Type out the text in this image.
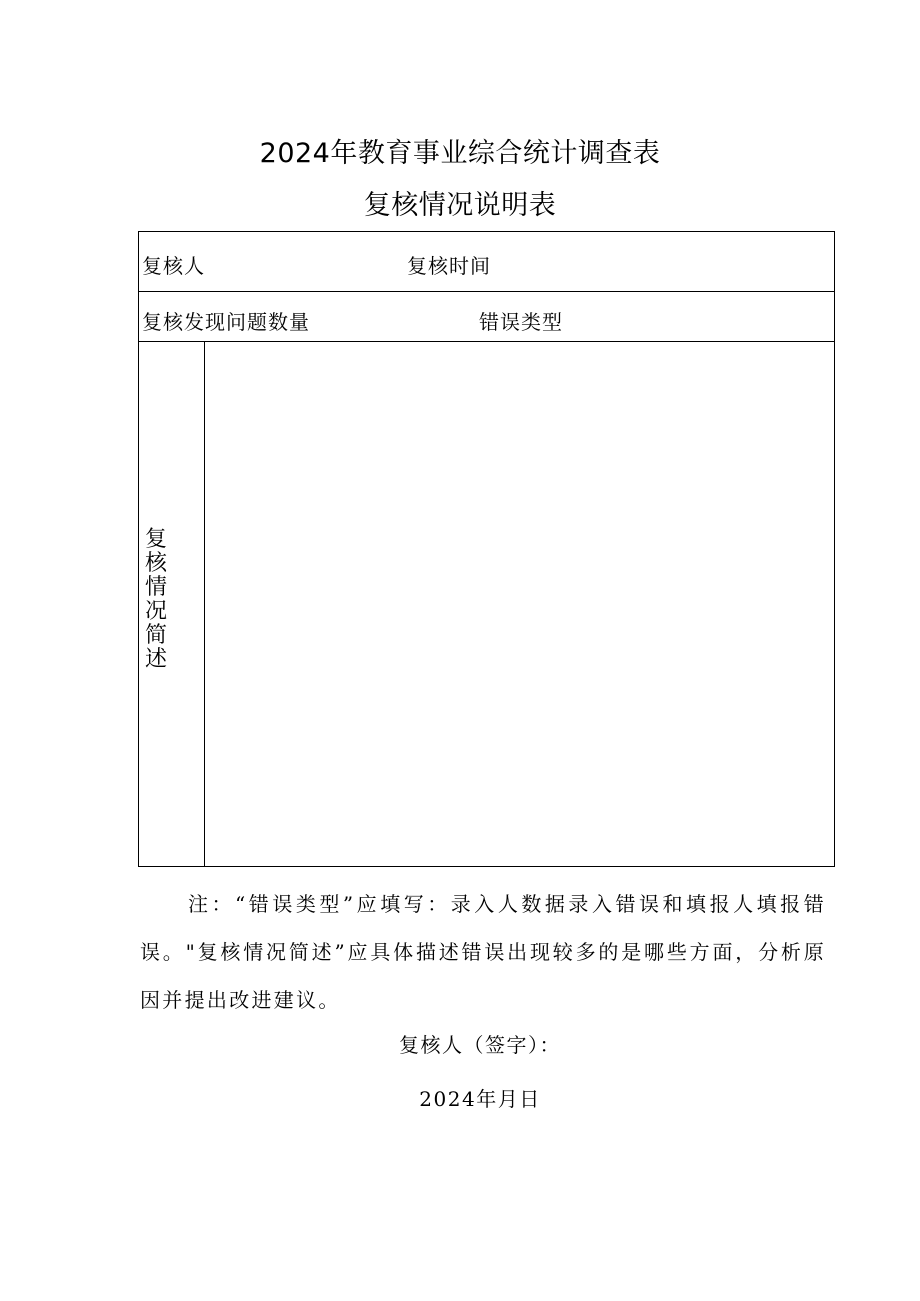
2024年教育事业综合统计调查表
复核情况说明表
复核人	复核时间
复核发现问题数量	错误类型
复核情况简述
注：“错误类型”应填写：录入人数据录入错误和填报人填报错误。"复核情况简述”应具体描述错误出现较多的是哪些方面，分析原因并提出改进建议。
复核人（签字）：
2024年月日
